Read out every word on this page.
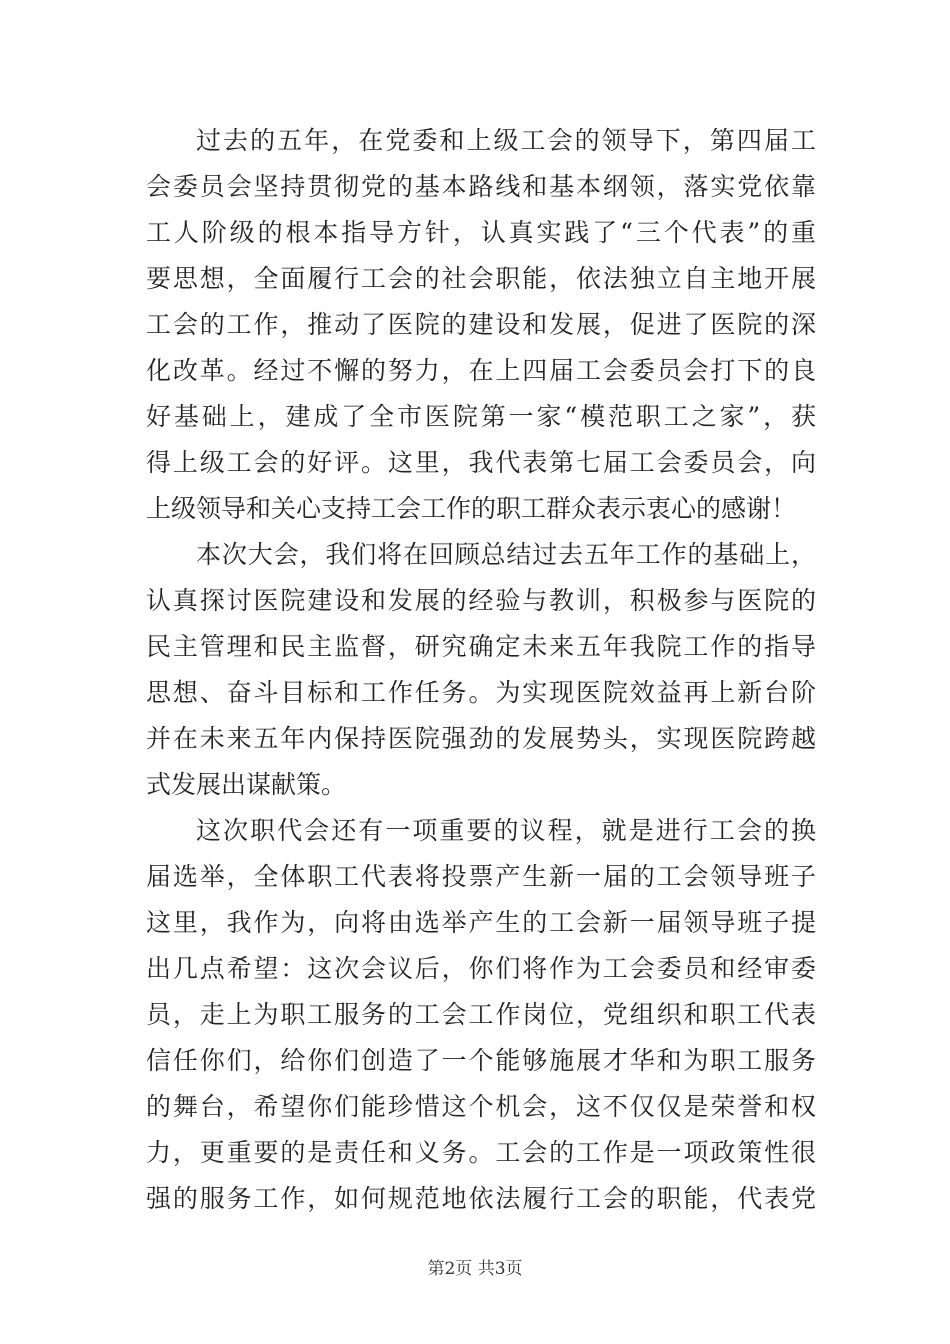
过去的五年，在党委和上级工会的领导下，第四届工
会委员会坚持贯彻党的基本路线和基本纲领，落实党依靠
工人阶级的根本指导方针，认真实践了“三个代表”的重
要思想，全面履行工会的社会职能，依法独立自主地开展
工会的工作，推动了医院的建设和发展，促进了医院的深
化改革。经过不懈的努力，在上四届工会委员会打下的良
好基础上，建成了全市医院第一家“模范职工之家”，获
得上级工会的好评。这里，我代表第七届工会委员会，向
上级领导和关心支持工会工作的职工群众表示衷心的感谢！
本次大会，我们将在回顾总结过去五年工作的基础上，
认真探讨医院建设和发展的经验与教训，积极参与医院的
民主管理和民主监督，研究确定未来五年我院工作的指导
思想、奋斗目标和工作任务。为实现医院效益再上新台阶
并在未来五年内保持医院强劲的发展势头，实现医院跨越
式发展出谋献策。
这次职代会还有一项重要的议程，就是进行工会的换
届选举，全体职工代表将投票产生新一届的工会领导班子
这里，我作为，向将由选举产生的工会新一届领导班子提
出几点希望：这次会议后，你们将作为工会委员和经审委
员，走上为职工服务的工会工作岗位，党组织和职工代表
信任你们，给你们创造了一个能够施展才华和为职工服务
的舞台，希望你们能珍惜这个机会，这不仅仅是荣誉和权
力，更重要的是责任和义务。工会的工作是一项政策性很
强的服务工作，如何规范地依法履行工会的职能，代表党
第2页 共3页
